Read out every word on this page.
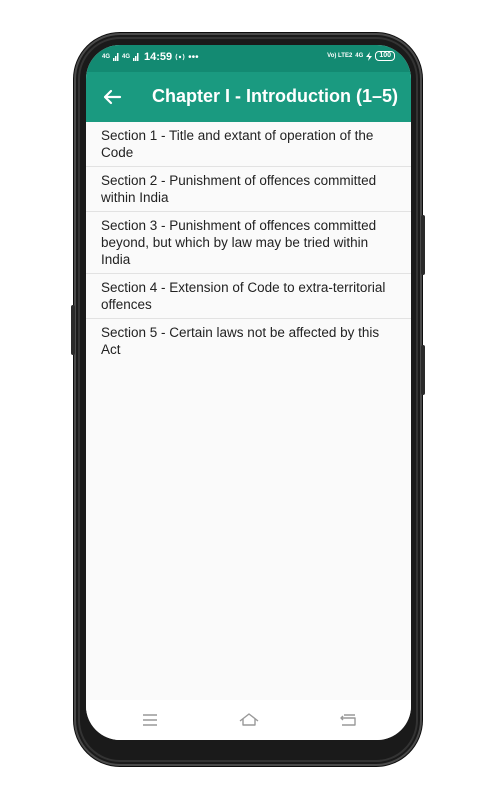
4G 4G 14:59 •••	Vo) LTE2 4G	100
Chapter I - Introduction (1–5)
Section 1 - Title and extant of operation of the Code
Section 2 - Punishment of offences committed within India
Section 3 - Punishment of offences committed beyond, but which by law may be tried within India
Section 4 - Extension of Code to extra-territorial offences
Section 5 - Certain laws not be affected by this Act
